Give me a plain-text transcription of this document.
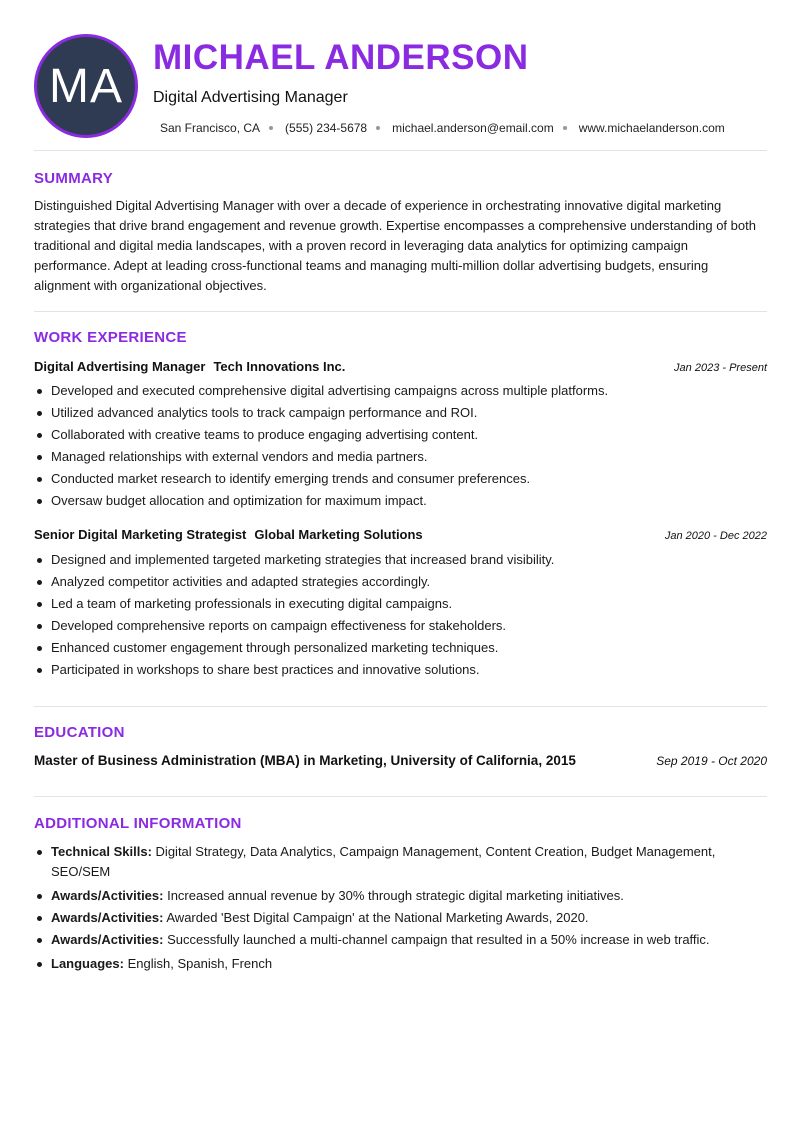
MA
MICHAEL ANDERSON
Digital Advertising Manager
San Francisco, CA (555) 234-5678 michael.anderson@email.com www.michaelanderson.com
SUMMARY

Distinguished Digital Advertising Manager with over a decade of experience in orchestrating innovative digital marketing strategies that drive brand engagement and revenue growth. Expertise encompasses a comprehensive understanding of both traditional and digital media landscapes, with a proven record in leveraging data analytics for optimizing campaign performance. Adept at leading cross-functional teams and managing multi-million dollar advertising budgets, ensuring alignment with organizational objectives.

WORK EXPERIENCE
Digital Advertising Manager Tech Innovations Inc.	Jan 2023 - Present
Developed and executed comprehensive digital advertising campaigns across multiple platforms.
Utilized advanced analytics tools to track campaign performance and ROI.
Collaborated with creative teams to produce engaging advertising content.
Managed relationships with external vendors and media partners.
Conducted market research to identify emerging trends and consumer preferences.
Oversaw budget allocation and optimization for maximum impact.
Senior Digital Marketing Strategist Global Marketing Solutions	Jan 2020 - Dec 2022
Designed and implemented targeted marketing strategies that increased brand visibility.
Analyzed competitor activities and adapted strategies accordingly.
Led a team of marketing professionals in executing digital campaigns.
Developed comprehensive reports on campaign effectiveness for stakeholders.
Enhanced customer engagement through personalized marketing techniques.
Participated in workshops to share best practices and innovative solutions.
EDUCATION
Master of Business Administration (MBA) in Marketing, University of California, 2015	Sep 2019 - Oct 2020
ADDITIONAL INFORMATION
Technical Skills: Digital Strategy, Data Analytics, Campaign Management, Content Creation, Budget Management, SEO/SEM
Awards/Activities: Increased annual revenue by 30% through strategic digital marketing initiatives.
Awards/Activities: Awarded 'Best Digital Campaign' at the National Marketing Awards, 2020.
Awards/Activities: Successfully launched a multi-channel campaign that resulted in a 50% increase in web traffic.
Languages: English, Spanish, French
